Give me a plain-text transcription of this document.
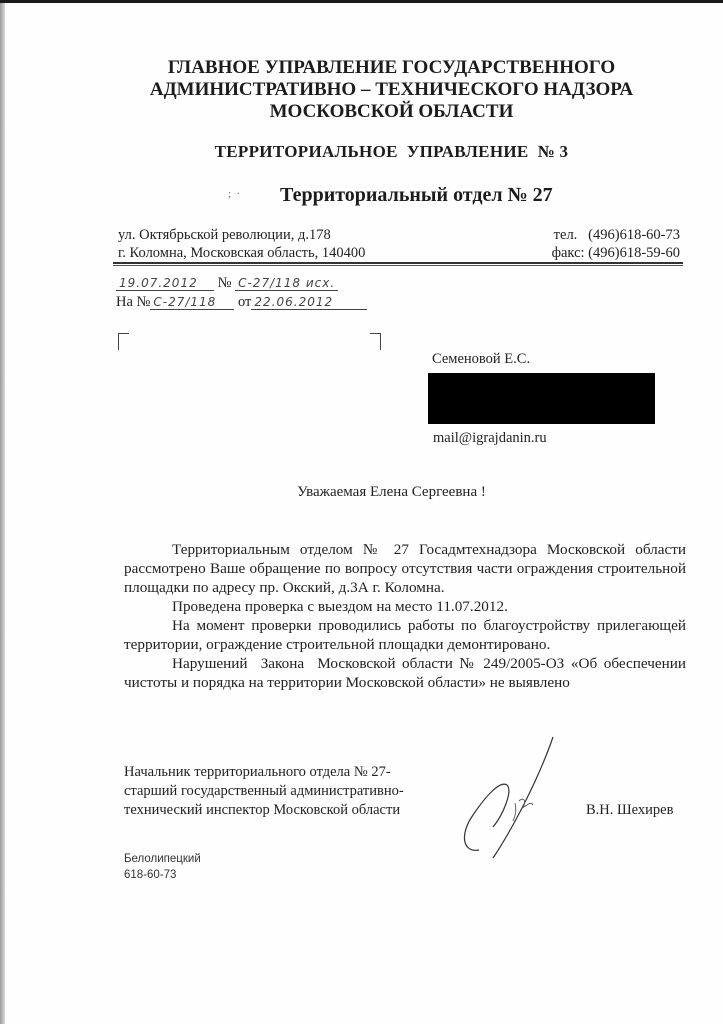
ГЛАВНОЕ УПРАВЛЕНИЕ ГОСУДАРСТВЕННОГО
АДМИНИСТРАТИВНО – ТЕХНИЧЕСКОГО НАДЗОРА
МОСКОВСКОЙ ОБЛАСТИ
ТЕРРИТОРИАЛЬНОЕ  УПРАВЛЕНИЕ  № 3
;  · Территориальный отдел № 27
ул. Октябрьской революции, д.178
г. Коломна, Московская область, 140400
тел.   (496)618-60-73
факс: (496)618-59-60
19.07.2012 № С-27/118 исх.
На № С-27/118 от 22.06.2012
Семеновой Е.С.
mail@igrajdanin.ru
Уважаемая Елена Сергеевна !

Территориальным отделом № 27 Госадмтехнадзора Московской области рассмотрено Ваше обращение по вопросу отсутствия части ограждения строительной площадки по адресу пр. Окский, д.3А г. Коломна.

Проведена проверка с выездом на место 11.07.2012.

На момент проверки проводились работы по благоустройству прилегающей территории, ограждение строительной площадки демонтировано.

Нарушений  Закона  Московской области № 249/2005-ОЗ «Об обеспечении чистоты и порядка на территории Московской области» не выявлено

Начальник территориального отдела № 27-
старший государственный административно-
технический инспектор Московской области	В.Н. Шехирев
Белолипецкий
618-60-73
